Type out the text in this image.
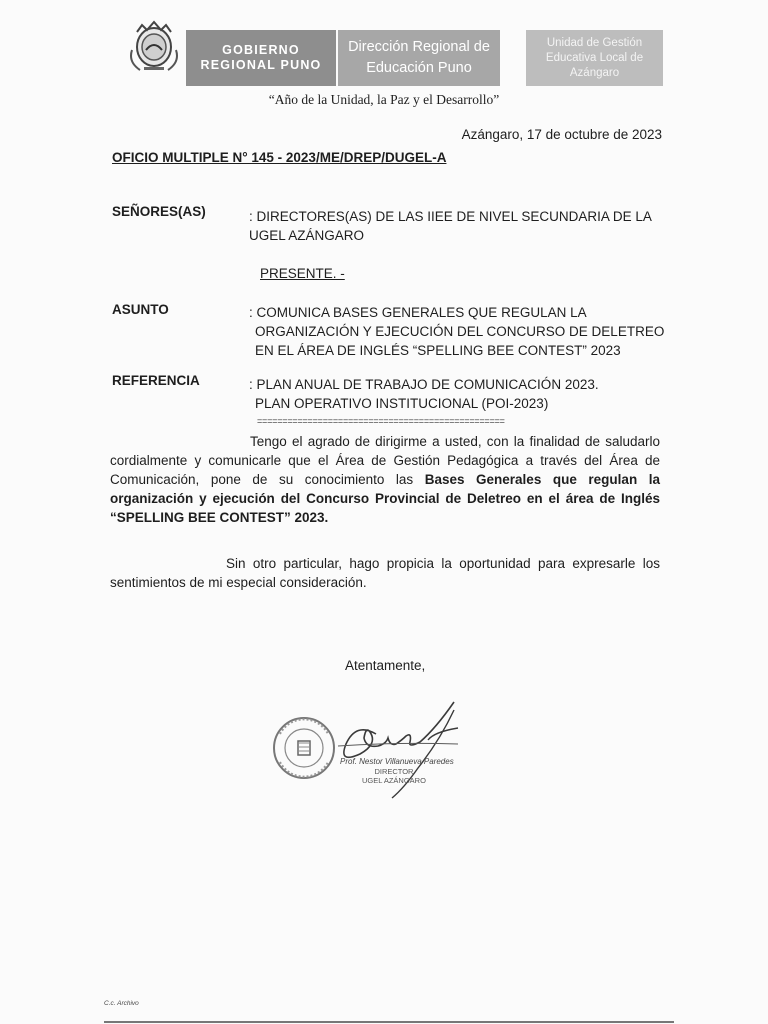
GOBIERNO
REGIONAL PUNO
Dirección Regional de
Educación Puno
Unidad de Gestión
Educativa Local de
Azángaro
“Año de la Unidad, la Paz y el Desarrollo”
Azángaro, 17 de octubre de 2023
OFICIO MULTIPLE N° 145 - 2023/ME/DREP/DUGEL-A
SEÑORES(AS)	: DIRECTORES(AS) DE LAS IIEE DE NIVEL SECUNDARIA DE LA
UGEL AZÁNGARO
PRESENTE. -
ASUNTO	: COMUNICA BASES GENERALES QUE REGULAN LA
ORGANIZACIÓN Y EJECUCIÓN DEL CONCURSO DE DELETREO
EN EL ÁREA DE INGLÉS “SPELLING BEE CONTEST” 2023
REFERENCIA	: PLAN ANUAL DE TRABAJO DE COMUNICACIÓN 2023.
PLAN OPERATIVO INSTITUCIONAL (POI-2023)
=================================================
Tengo el agrado de dirigirme a usted, con la finalidad de saludarlo cordialmente y comunicarle que el Área de Gestión Pedagógica a través del Área de Comunicación, pone de su conocimiento las Bases Generales que regulan la organización y ejecución del Concurso Provincial de Deletreo en el área de Inglés “SPELLING BEE CONTEST” 2023.
Sin otro particular, hago propicia la oportunidad para expresarle los sentimientos de mi especial consideración.
Atentamente,
Prof. Nestor Villanueva Paredes
DIRECTOR
UGEL AZÁNGARO
C.c. Archivo
